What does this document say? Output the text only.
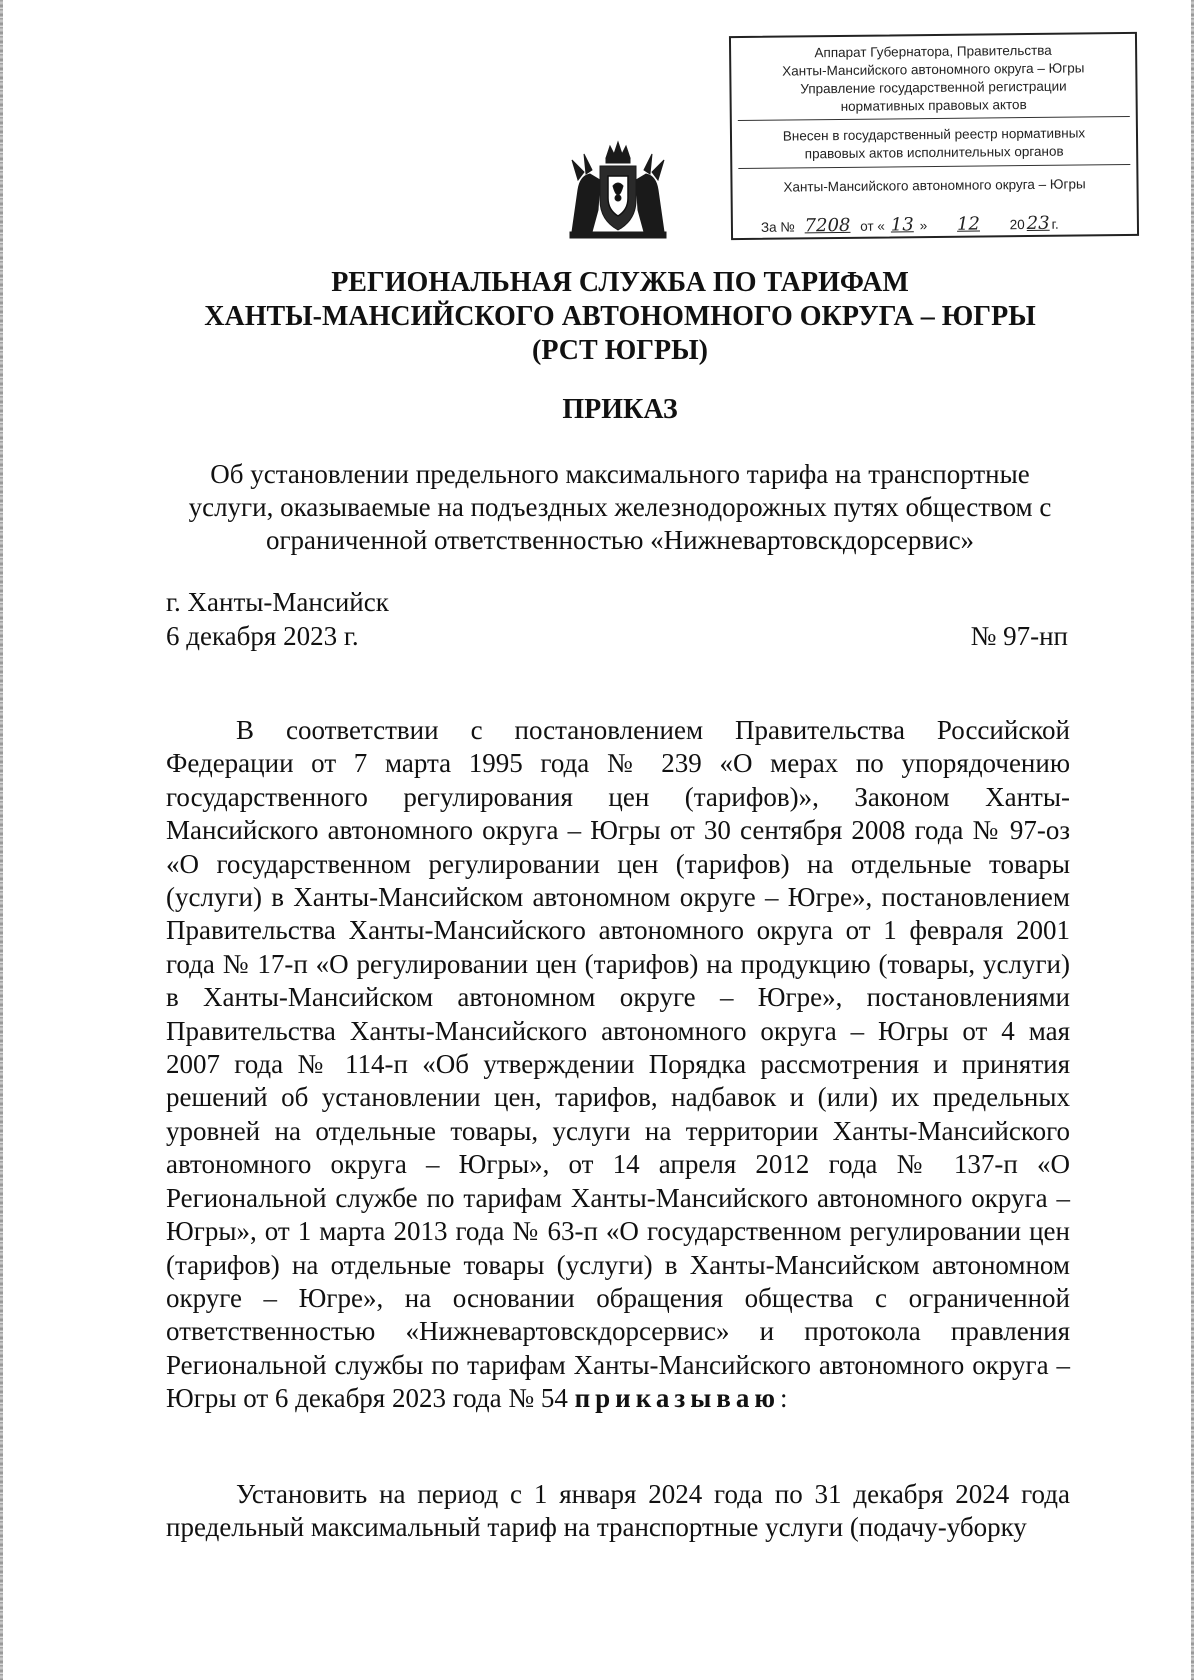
Аппарат Губернатора, Правительства
Ханты-Мансийского автономного округа – Югры
Управление государственной регистрации
нормативных правовых актов
Внесен в государственный реестр нормативных
правовых актов исполнительных органов
Ханты-Мансийского автономного округа – Югры
За № 7208 от « 13 » 12 20 23 г.
РЕГИОНАЛЬНАЯ СЛУЖБА ПО ТАРИФАМ
ХАНТЫ-МАНСИЙСКОГО АВТОНОМНОГО ОКРУГА – ЮГРЫ
(РСТ ЮГРЫ)
ПРИКАЗ
Об установлении предельного максимального тарифа на транспортные
услуги, оказываемые на подъездных железнодорожных путях обществом с
ограниченной ответственностью «Нижневартовскдорсервис»
г. Ханты-Мансийск
6 декабря 2023 г.	№ 97-нп
В соответствии с постановлением Правительства Российской Федерации от 7 марта 1995 года № 239 «О мерах по упорядочению государственного регулирования цен (тарифов)», Законом Ханты-Мансийского автономного округа – Югры от 30 сентября 2008 года № 97-оз «О государственном регулировании цен (тарифов) на отдельные товары (услуги) в Ханты-Мансийском автономном округе – Югре», постановлением Правительства Ханты-Мансийского автономного округа от 1 февраля 2001 года № 17-п «О регулировании цен (тарифов) на продукцию (товары, услуги) в Ханты-Мансийском автономном округе – Югре», постановлениями Правительства Ханты-Мансийского автономного округа – Югры от 4 мая 2007 года № 114-п «Об утверждении Порядка рассмотрения и принятия решений об установлении цен, тарифов, надбавок и (или) их предельных уровней на отдельные товары, услуги на территории Ханты-Мансийского автономного округа – Югры», от 14 апреля 2012 года № 137-п «О Региональной службе по тарифам Ханты-Мансийского автономного округа – Югры», от 1 марта 2013 года № 63-п «О государственном регулировании цен (тарифов) на отдельные товары (услуги) в Ханты-Мансийском автономном округе – Югре», на основании обращения общества с ограниченной ответственностью «Нижневартовскдорсервис» и протокола правления Региональной службы по тарифам Ханты-Мансийского автономного округа – Югры от 6 декабря 2023 года № 54 приказываю:
Установить на период с 1 января 2024 года по 31 декабря 2024 года предельный максимальный тариф на транспортные услуги (подачу-уборку
